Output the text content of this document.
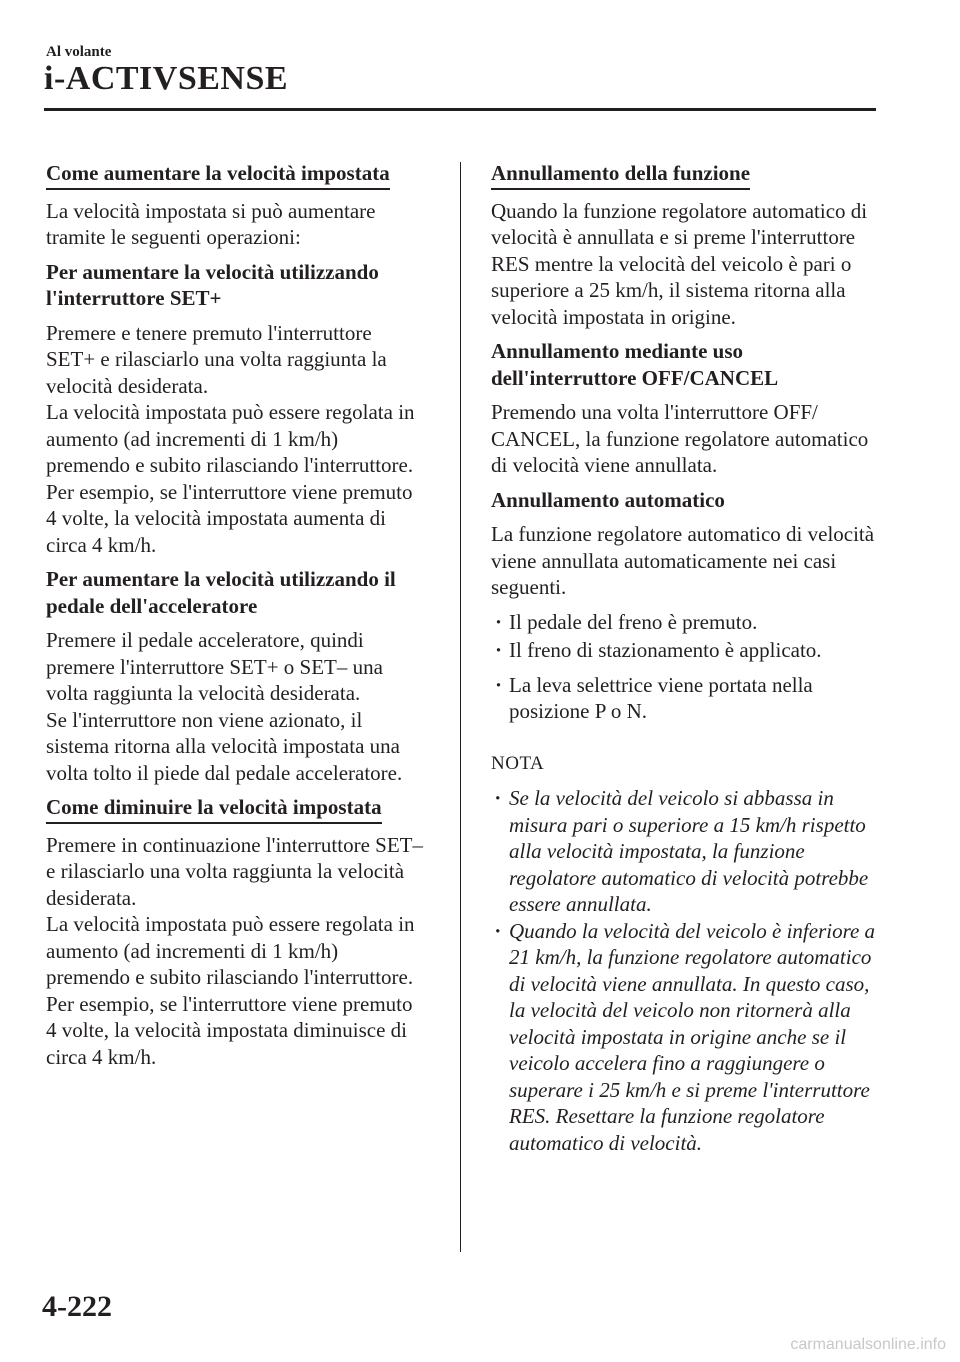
Al volante
i-ACTIVSENSE
Come aumentare la velocità impostata

La velocità impostata si può aumentare tramite le seguenti operazioni:

Per aumentare la velocità utilizzando l'interruttore SET+

Premere e tenere premuto l'interruttore SET+ e rilasciarlo una volta raggiunta la velocità desiderata.

La velocità impostata può essere regolata in aumento (ad incrementi di 1 km/h) premendo e subito rilasciando l'interruttore. Per esempio, se l'interruttore viene premuto 4 volte, la velocità impostata aumenta di circa 4 km/h.

Per aumentare la velocità utilizzando il pedale dell'acceleratore

Premere il pedale acceleratore, quindi premere l'interruttore SET+ o SET– una volta raggiunta la velocità desiderata.

Se l'interruttore non viene azionato, il sistema ritorna alla velocità impostata una volta tolto il piede dal pedale acceleratore.

Come diminuire la velocità impostata

Premere in continuazione l'interruttore SET– e rilasciarlo una volta raggiunta la velocità desiderata.

La velocità impostata può essere regolata in aumento (ad incrementi di 1 km/h) premendo e subito rilasciando l'interruttore. Per esempio, se l'interruttore viene premuto 4 volte, la velocità impostata diminuisce di circa 4 km/h.

Annullamento della funzione

Quando la funzione regolatore automatico di velocità è annullata e si preme l'interruttore RES mentre la velocità del veicolo è pari o superiore a 25 km/h, il sistema ritorna alla velocità impostata in origine.

Annullamento mediante uso dell'interruttore OFF/CANCEL

Premendo una volta l'interruttore OFF/ CANCEL, la funzione regolatore automatico di velocità viene annullata.

Annullamento automatico

La funzione regolatore automatico di velocità viene annullata automaticamente nei casi seguenti.

· Il pedale del freno è premuto.
· Il freno di stazionamento è applicato.
· La leva selettrice viene portata nella posizione P o N.
NOTA
· Se la velocità del veicolo si abbassa in misura pari o superiore a 15 km/h rispetto alla velocità impostata, la funzione regolatore automatico di velocità potrebbe essere annullata.
· Quando la velocità del veicolo è inferiore a 21 km/h, la funzione regolatore automatico di velocità viene annullata. In questo caso, la velocità del veicolo non ritornerà alla velocità impostata in origine anche se il veicolo accelera fino a raggiungere o superare i 25 km/h e si preme l'interruttore RES. Resettare la funzione regolatore automatico di velocità.
4-222
carmanualsonline.info
